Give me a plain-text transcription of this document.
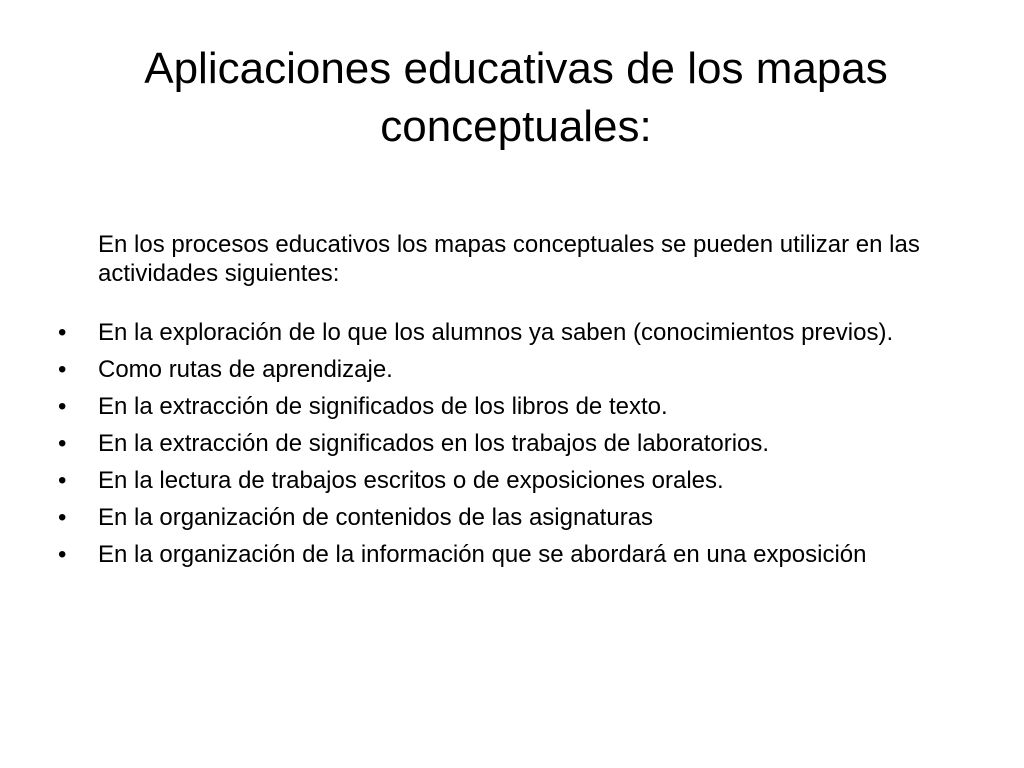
Aplicaciones educativas de los mapas conceptuales:

En los procesos educativos los mapas conceptuales se pueden utilizar en las actividades siguientes:

•	En la exploración de lo que los alumnos ya saben (conocimientos previos).
•	Como rutas de aprendizaje.
•	En la extracción de significados de los libros de texto.
•	En la extracción de significados en los trabajos de laboratorios.
•	En la lectura de trabajos escritos o de exposiciones orales.
•	En la organización de contenidos de las asignaturas
•	En la organización de la información que se abordará en una exposición
